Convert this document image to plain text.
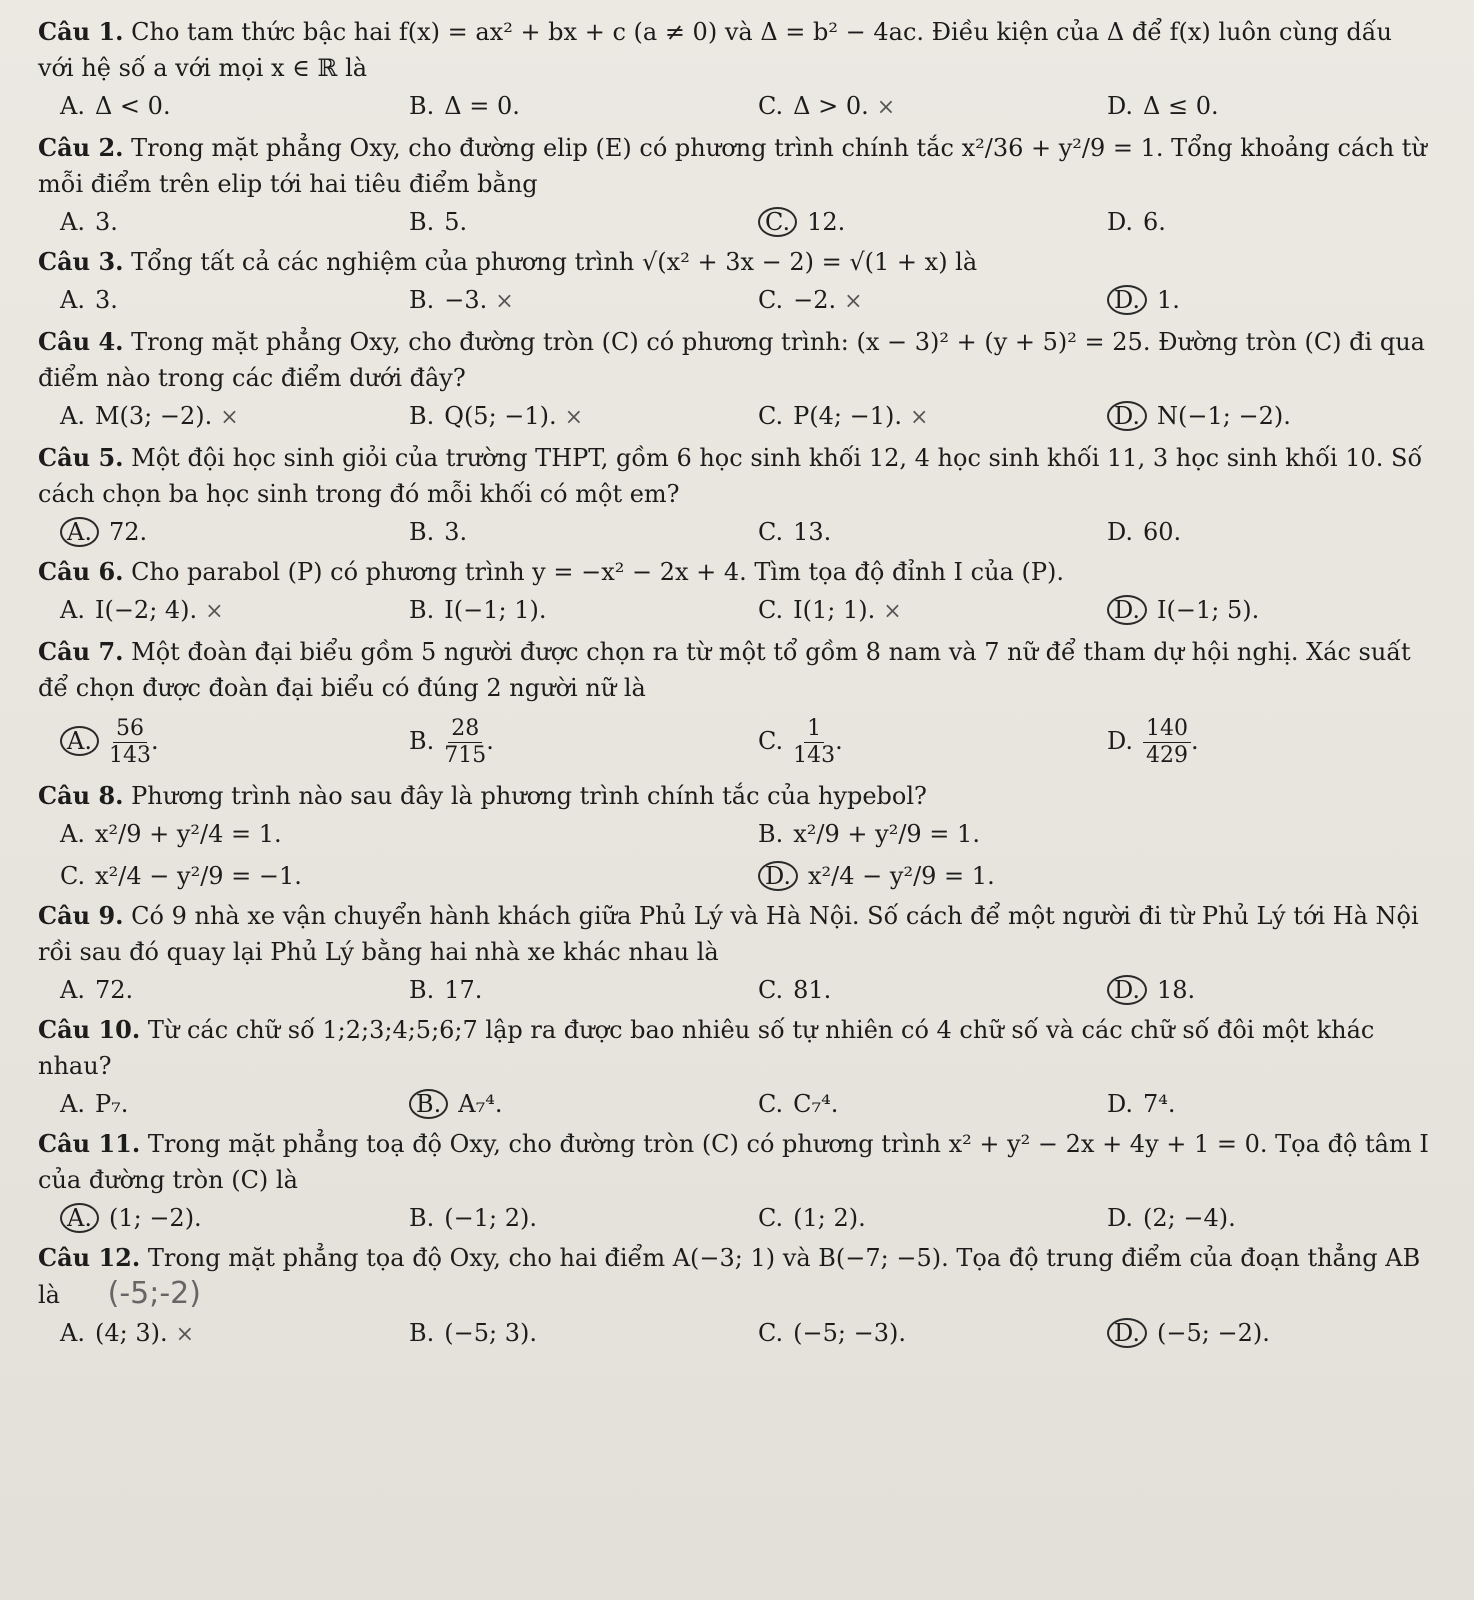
Câu 1. Cho tam thức bậc hai f(x) = ax² + bx + c (a ≠ 0) và Δ = b² − 4ac. Điều kiện của Δ để f(x) luôn cùng dấu với hệ số a với mọi x ∈ ℝ là

A. Δ < 0.	B. Δ = 0.	C. Δ > 0. ×	D. Δ ≤ 0.

Câu 2. Trong mặt phẳng Oxy, cho đường elip (E) có phương trình chính tắc x²/36 + y²/9 = 1. Tổng khoảng cách từ mỗi điểm trên elip tới hai tiêu điểm bằng

A. 3.	B. 5.	C. 12.	D. 6.

Câu 3. Tổng tất cả các nghiệm của phương trình √(x² + 3x − 2) = √(1 + x) là

A. 3.	B. −3. ×	C. −2. ×	D. 1.

Câu 4. Trong mặt phẳng Oxy, cho đường tròn (C) có phương trình: (x − 3)² + (y + 5)² = 25. Đường tròn (C) đi qua điểm nào trong các điểm dưới đây?

A. M(3; −2). ×	B. Q(5; −1). ×	C. P(4; −1). ×	D. N(−1; −2).

Câu 5. Một đội học sinh giỏi của trường THPT, gồm 6 học sinh khối 12, 4 học sinh khối 11, 3 học sinh khối 10. Số cách chọn ba học sinh trong đó mỗi khối có một em?

A. 72.	B. 3.	C. 13.	D. 60.

Câu 6. Cho parabol (P) có phương trình y = −x² − 2x + 4. Tìm tọa độ đỉnh I của (P).

A. I(−2; 4). ×	B. I(−1; 1).	C. I(1; 1). ×	D. I(−1; 5).

Câu 7. Một đoàn đại biểu gồm 5 người được chọn ra từ một tổ gồm 8 nam và 7 nữ để tham dự hội nghị. Xác suất để chọn được đoàn đại biểu có đúng 2 người nữ là

A. $\frac{56}{143}$ .	B. $\frac{28}{715}$ .	C. $\frac{1}{143}$ .	D. $\frac{140}{429}$ .

Câu 8. Phương trình nào sau đây là phương trình chính tắc của hypebol?

A. x²/9 + y²/4 = 1.	B. x²/9 + y²/9 = 1.
C. x²/4 − y²/9 = −1.	D. x²/4 − y²/9 = 1.

Câu 9. Có 9 nhà xe vận chuyển hành khách giữa Phủ Lý và Hà Nội. Số cách để một người đi từ Phủ Lý tới Hà Nội rồi sau đó quay lại Phủ Lý bằng hai nhà xe khác nhau là

A. 72.	B. 17.	C. 81.	D. 18.

Câu 10. Từ các chữ số 1;2;3;4;5;6;7 lập ra được bao nhiêu số tự nhiên có 4 chữ số và các chữ số đôi một khác nhau?

A. P₇.	B. A₇⁴.	C. C₇⁴.	D. 7⁴.

Câu 11. Trong mặt phẳng toạ độ Oxy, cho đường tròn (C) có phương trình x² + y² − 2x + 4y + 1 = 0. Tọa độ tâm I của đường tròn (C) là

A. (1; −2).	B. (−1; 2).	C. (1; 2).	D. (2; −4).

Câu 12. Trong mặt phẳng tọa độ Oxy, cho hai điểm A(−3; 1) và B(−7; −5). Tọa độ trung điểm của đoạn thẳng AB là (-5;-2)

A. (4; 3). ×	B. (−5; 3).	C. (−5; −3).	D. (−5; −2).
